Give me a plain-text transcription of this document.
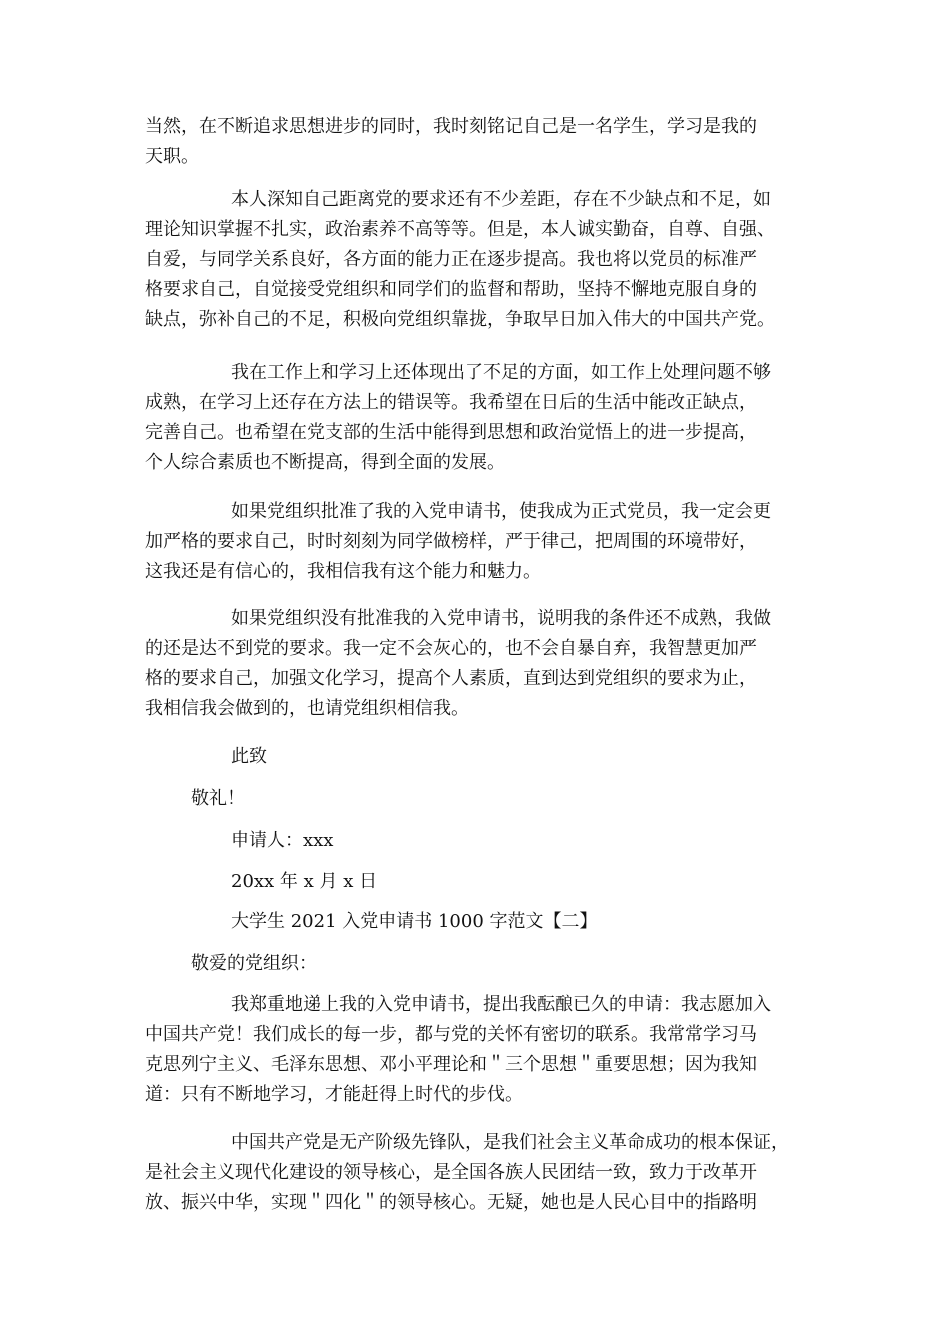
当然，在不断追求思想进步的同时，我时刻铭记自己是一名学生，学习是我的
天职。

本人深知自己距离党的要求还有不少差距，存在不少缺点和不足，如
理论知识掌握不扎实，政治素养不高等等。但是，本人诚实勤奋，自尊、自强、
自爱，与同学关系良好，各方面的能力正在逐步提高。我也将以党员的标准严
格要求自己，自觉接受党组织和同学们的监督和帮助，坚持不懈地克服自身的
缺点，弥补自己的不足，积极向党组织靠拢，争取早日加入伟大的中国共产党。

我在工作上和学习上还体现出了不足的方面，如工作上处理问题不够
成熟，在学习上还存在方法上的错误等。我希望在日后的生活中能改正缺点，
完善自己。也希望在党支部的生活中能得到思想和政治觉悟上的进一步提高，
个人综合素质也不断提高，得到全面的发展。

如果党组织批准了我的入党申请书，使我成为正式党员，我一定会更
加严格的要求自己，时时刻刻为同学做榜样，严于律己，把周围的环境带好，
这我还是有信心的，我相信我有这个能力和魅力。

如果党组织没有批准我的入党申请书，说明我的条件还不成熟，我做
的还是达不到党的要求。我一定不会灰心的，也不会自暴自弃，我智慧更加严
格的要求自己，加强文化学习，提高个人素质，直到达到党组织的要求为止，
我相信我会做到的，也请党组织相信我。

此致

敬礼！

申请人：xxx

20xx 年 x 月 x 日

大学生 2021 入党申请书 1000 字范文【二】

敬爱的党组织：

我郑重地递上我的入党申请书，提出我酝酿已久的申请：我志愿加入
中国共产党！我们成长的每一步，都与党的关怀有密切的联系。我常常学习马
克思列宁主义、毛泽东思想、邓小平理论和＂三个思想＂重要思想；因为我知
道：只有不断地学习，才能赶得上时代的步伐。

中国共产党是无产阶级先锋队，是我们社会主义革命成功的根本保证，
是社会主义现代化建设的领导核心，是全国各族人民团结一致，致力于改革开
放、振兴中华，实现＂四化＂的领导核心。无疑，她也是人民心目中的指路明
